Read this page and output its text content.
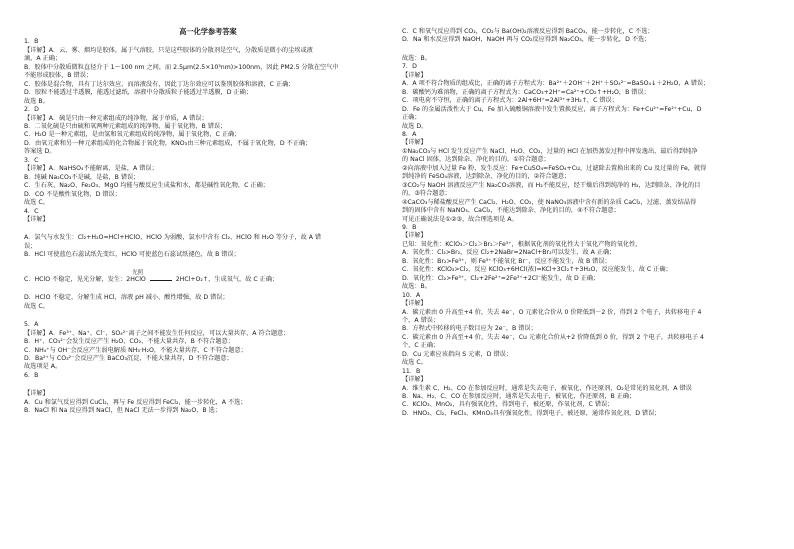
高一化学参考答案
1．B
【详解】A．云、雾、烟均是胶体，属于气溶胶，只是这些胶体的分散剂是空气，分散质是微小的尘埃或液
滴，A 正确；
B．胶体中分散质微粒直径介于 1～100 nm 之间，而 2.5μm(2.5×10³nm)>100nm，因此 PM2.5 分散在空气中
不能形成胶体，B 错误；
C．胶体是混合物，具有丁达尔效应，而溶液没有，因此丁达尔效应可以鉴别胶体和溶液，C 正确；
D．胶粒不能透过半透膜，能透过滤纸，溶液中分散质粒子能透过半透膜，D 正确；
故选 B。
2．D
【详解】A．硫是只由一种元素组成的纯净物，属于单质，A 错误；
B．二氧化硫是只由硫和氧两种元素组成的纯净物，属于氧化物，B 错误；
C．H₂O 是一种元素组，是由氢和氧元素组成的纯净物，属于氧化物，C 正确；
D．由氧元素和另一种元素组成的化合物属于氧化物，KNO₃由三种元素组成，不属于氧化物，D 不正确；
答案选 D。
3．C
【详解】A．NaHSO₄不能解离，是盐，A 错误；
B．纯碱 Na₂CO₃不是碱，是盐，B 错误；
C．生石灰、Na₂O、Fe₂O₃、MgO 均能与酸反应生成盐和水，都是碱性氧化物，C 正确；
D．CO 不是酸性氧化物，D 错误；
故选 C。
4．C
【详解】
A．氯气与水发生：Cl₂+H₂O=HCl+HClO，HClO 为弱酸，氯水中含有 Cl₂、HClO 和 H₂O 等分子，故 A 错
误；
B．HCl 可使蓝色石蕊试纸先变红，HClO 可使蓝色石蕊试纸褪色，故 B 错误；
C．HClO 不稳定，见光分解，发生：2HClO	2HCl+O₂↑，生成氧气，故 C 正确；
光照
D．HClO 不稳定，分解生成 HCl，溶液 pH 减小，酸性增强，故 D 错误；
故选 C。
5．A
【详解】A．Fe³⁺、Na⁺、Cl⁻、SO₄²⁻离子之间不能发生任何反应，可以大量共存，A 符合题意；
B．H⁺、CO₃²⁻会发生反应产生 H₂O、CO₂，不能大量共存，B 不符合题意；
C．NH₄⁺与 OH⁻会反应产生弱电解质 NH₃·H₂O，不能大量共存，C 不符合题意；
D．Ba²⁺与 CO₃²⁻会反应产生 BaCO₃沉淀，不能大量共存，D 不符合题意；
故选项是 A。
6．B
【详解】
A．Cu 和氯气反应得到 CuCl₂，再与 Fe 反应得到 FeCl₂，能一步转化，A 不选；
B．NaCl 和 Na 反应得到 NaCl，但 NaCl 无法一步得到 Na₂O，B 选；
C．C 和氧气反应得到 CO₂，CO₂与 Ba(OH)₂溶液反应得到 BaCO₃，能一步转化，C 不选；
D．Na 和水反应得到 NaOH，NaOH 再与 CO₂反应得到 Na₂CO₃，能一步转化，D 不选；
故选：B。
7．D
【详解】
A．A 项不符合物质的组成比，正确的离子方程式为：Ba²⁺＋2OH⁻＋2H⁺＋SO₄²⁻=BaSO₄↓＋2H₂O，A 错误；
B．碳酸钙为难溶物，正确的离子方程式为：CaCO₃+2H⁺=Ca²⁺+CO₂↑+H₂O，B 错误；
C．项电荷不守恒，正确的离子方程式为：2Al+6H⁺=2Al³⁺+3H₂↑，C 错误；
D．Fe 的金属活泼性大于 Cu，Fe 加入硫酸铜溶液中发生置换反应，离子方程式为：Fe+Cu²⁺=Fe²⁺+Cu，D
正确；
故选 D。
8．A
【详解】
①Na₂CO₃与 HCl 发生反应产生 NaCl、H₂O、CO₂，过量的 HCl 在加热蒸发过程中挥发逸出，最后得到纯净
的 NaCl 固体，达到除杂、净化的目的，①符合题意；
②向溶液中加入过量 Fe 粉，发生反应：Fe+CuSO₄=FeSO₄+Cu，过滤除去置换出来的 Cu 及过量的 Fe，就得
到纯净的 FeSO₄溶液，达到除杂、净化的目的，②符合题意；
③CO₂与 NaOH 溶液反应产生 Na₂CO₃溶液，而 H₂不能反应，经干燥后得到纯净的 H₂，达到除杂、净化的目
的，③符合题意；
④CaCO₃与稀盐酸反应产生 CaCl₂、H₂O、CO₂，使 NaNO₃溶液中含有新的杂质 CaCl₂，过滤、蒸发结晶得
到的固体中含有 NaNO₃、CaCl₂，不能达到除杂、净化的目的，④不符合题意；
可见正确说法是①②③，故合理选项是 A。
9．B
【详解】
已知：氧化性：KClO₃＞Cl₂＞Br₂＞Fe³⁺，根据氧化剂的氧化性大于氧化产物的氧化性，
A．氧化性：Cl₂>Br₂，反应 Cl₂+2NaBr=2NaCl+Br₂可以发生，故 A 正确；
B．氧化性：Br₂>Fe³⁺，则 Fe³⁺不能氧化 Br⁻，反应不能发生，故 B 错误；
C．氧化性：KClO₃>Cl₂，反应 KClO₃+6HCl(浓)=KCl+3Cl₂↑+3H₂O，反应能发生，故 C 正确；
D．氧化性：Cl₂>Fe³⁺，Cl₂+2Fe²⁺=2Fe³⁺+2Cl⁻能发生，故 D 正确；
故选：B。
10．A
【详解】
A．碳元素由 0 升高至+4 价，失去 4e⁻，O 元素化合价从 0 价降低到－2 价，得到 2 个电子，共转移电子 4
个，A 错误；
B．方程式中转移的电子数目应为 2e⁻，B 错误；
C．碳元素由 0 升高至+4 价，失去 4e⁻，Cu 元素化合价从+2 价降低到 0 价，得到 2 个电子，共转移电子 4
个，C 正确；
D．Cu 元素应该指向 S 元素，D 错误；
故选 C。
11．B
【详解】
A．维生素 C、H₂、CO 在参加反应时，通常是失去电子，被氧化，作还原剂，O₂是常见的氧化剂，A 错误
B．Na、H₂、C、CO 在参加反应时，通常是失去电子，被氧化，作还原剂，B 正确；
C．KClO₃、MnO₂，具有强氧化性，得到电子，被还原，作氧化剂，C 错误；
D．HNO₃、Cl₂、FeCl₃、KMnO₄具有强氧化性，得到电子，被还原，通常作氧化剂，D 错误；
